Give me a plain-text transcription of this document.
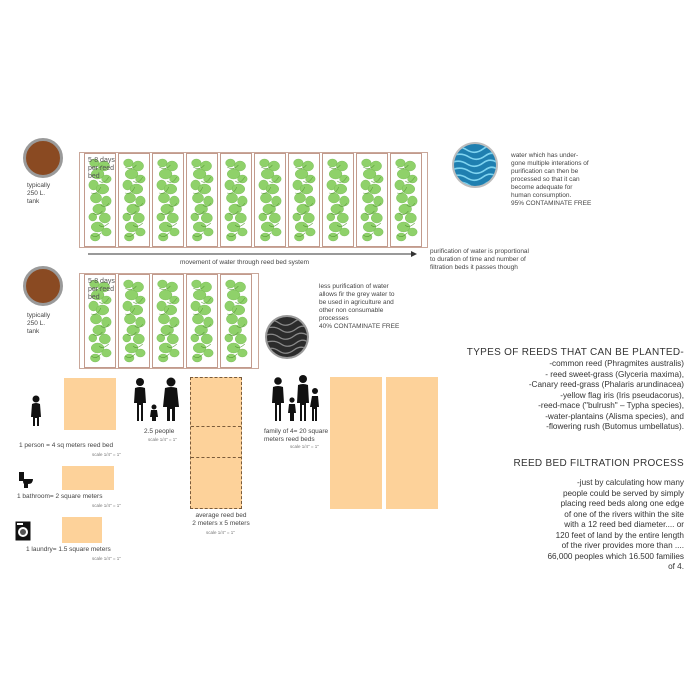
typically
250 L.
tank
5-8 days per reed bed
water which has under-
gone multiple interations of
purification can then be
processed so that it can
become adequate for
human consumption.
95% CONTAMINATE FREE
movement of water through reed bed system
purification of water is proportional
to duration of time and number of
filtration beds it passes though
typically
250 L.
tank
5-8 days per reed bed
less purification of water
allows fir the grey water to
be used in agriculture and
other non consumable
processes
40% CONTAMINATE FREE
TYPES OF REEDS THAT CAN BE PLANTED-
-common reed (Phragmites australis)
- reed sweet-grass (Glyceria maxima),
-Canary reed-grass (Phalaris arundinacea)
-yellow flag iris (Iris pseudacorus),
-reed-mace ("bulrush" – Typha species),
-water-plantains (Alisma species), and
-flowering rush (Butomus umbellatus).
REED BED FILTRATION PROCESS
-just by calculating how many
people could be served by simply
placing reed beds along one edge
of one of the rivers within the site
with a 12 reed bed diameter.... or
120 feet of land by the entire length
of the river provides more than ....
66,000 peoples which 16.500 families
of 4.
1 person = 4 sq meters reed bed
scale 1/4" = 1"
1 bathroom= 2 square meters
scale 1/4" = 1"
1 laundry= 1.5 square meters
scale 1/4" = 1"
2.5 people
scale 1/4" = 1"
average reed bed
2 meters x 5 meters
scale 1/4" = 1"
family of 4= 20 square
meters reed beds
scale 1/4" = 1"
